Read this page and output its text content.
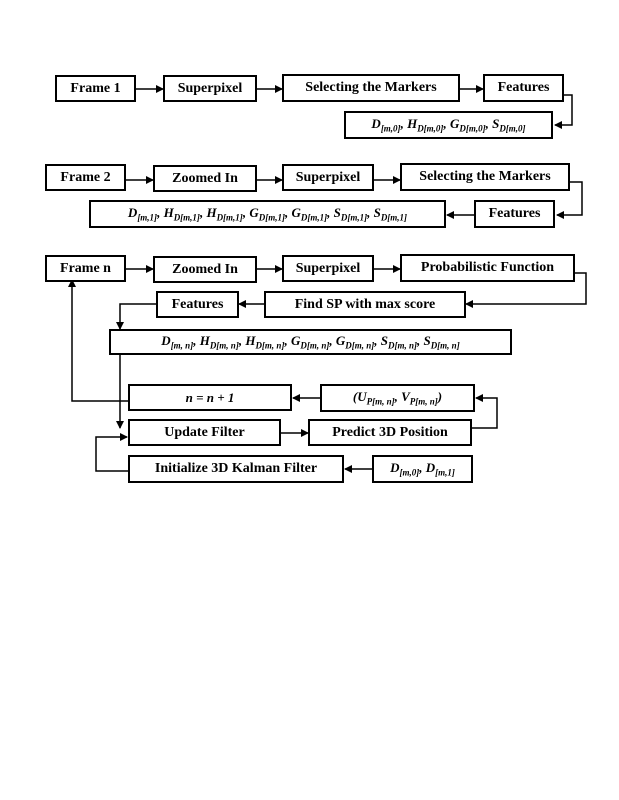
Frame 1	Superpixel	Selecting the Markers	Features
$D_{[m,0]}$, $H_{D[m,0]}$, $G_{D[m,0]}$, $S_{D[m,0]}$
Frame 2	Zoomed In	Superpixel	Selecting the Markers
Features
$D_{[m,1]}$, $H_{D[m,1]}$, $H_{D[m,1]}$, $G_{D[m,1]}$, $G_{D[m,1]}$, $S_{D[m,1]}$, $S_{D[m,1]}$
Frame n	Zoomed In	Superpixel	Probabilistic Function
Find SP with max score
Features
$D_{[m, n]}$, $H_{D[m, n]}$, $H_{D[m, n]}$, $G_{D[m, n]}$, $G_{D[m, n]}$, $S_{D[m, n]}$, $S_{D[m, n]}$
n = n + 1	($U_{P[m, n]}$, $V_{P[m, n]}$)
Update Filter	Predict 3D Position
Initialize 3D Kalman Filter	$D_{[m,0]}$, $D_{[m,1]}$
